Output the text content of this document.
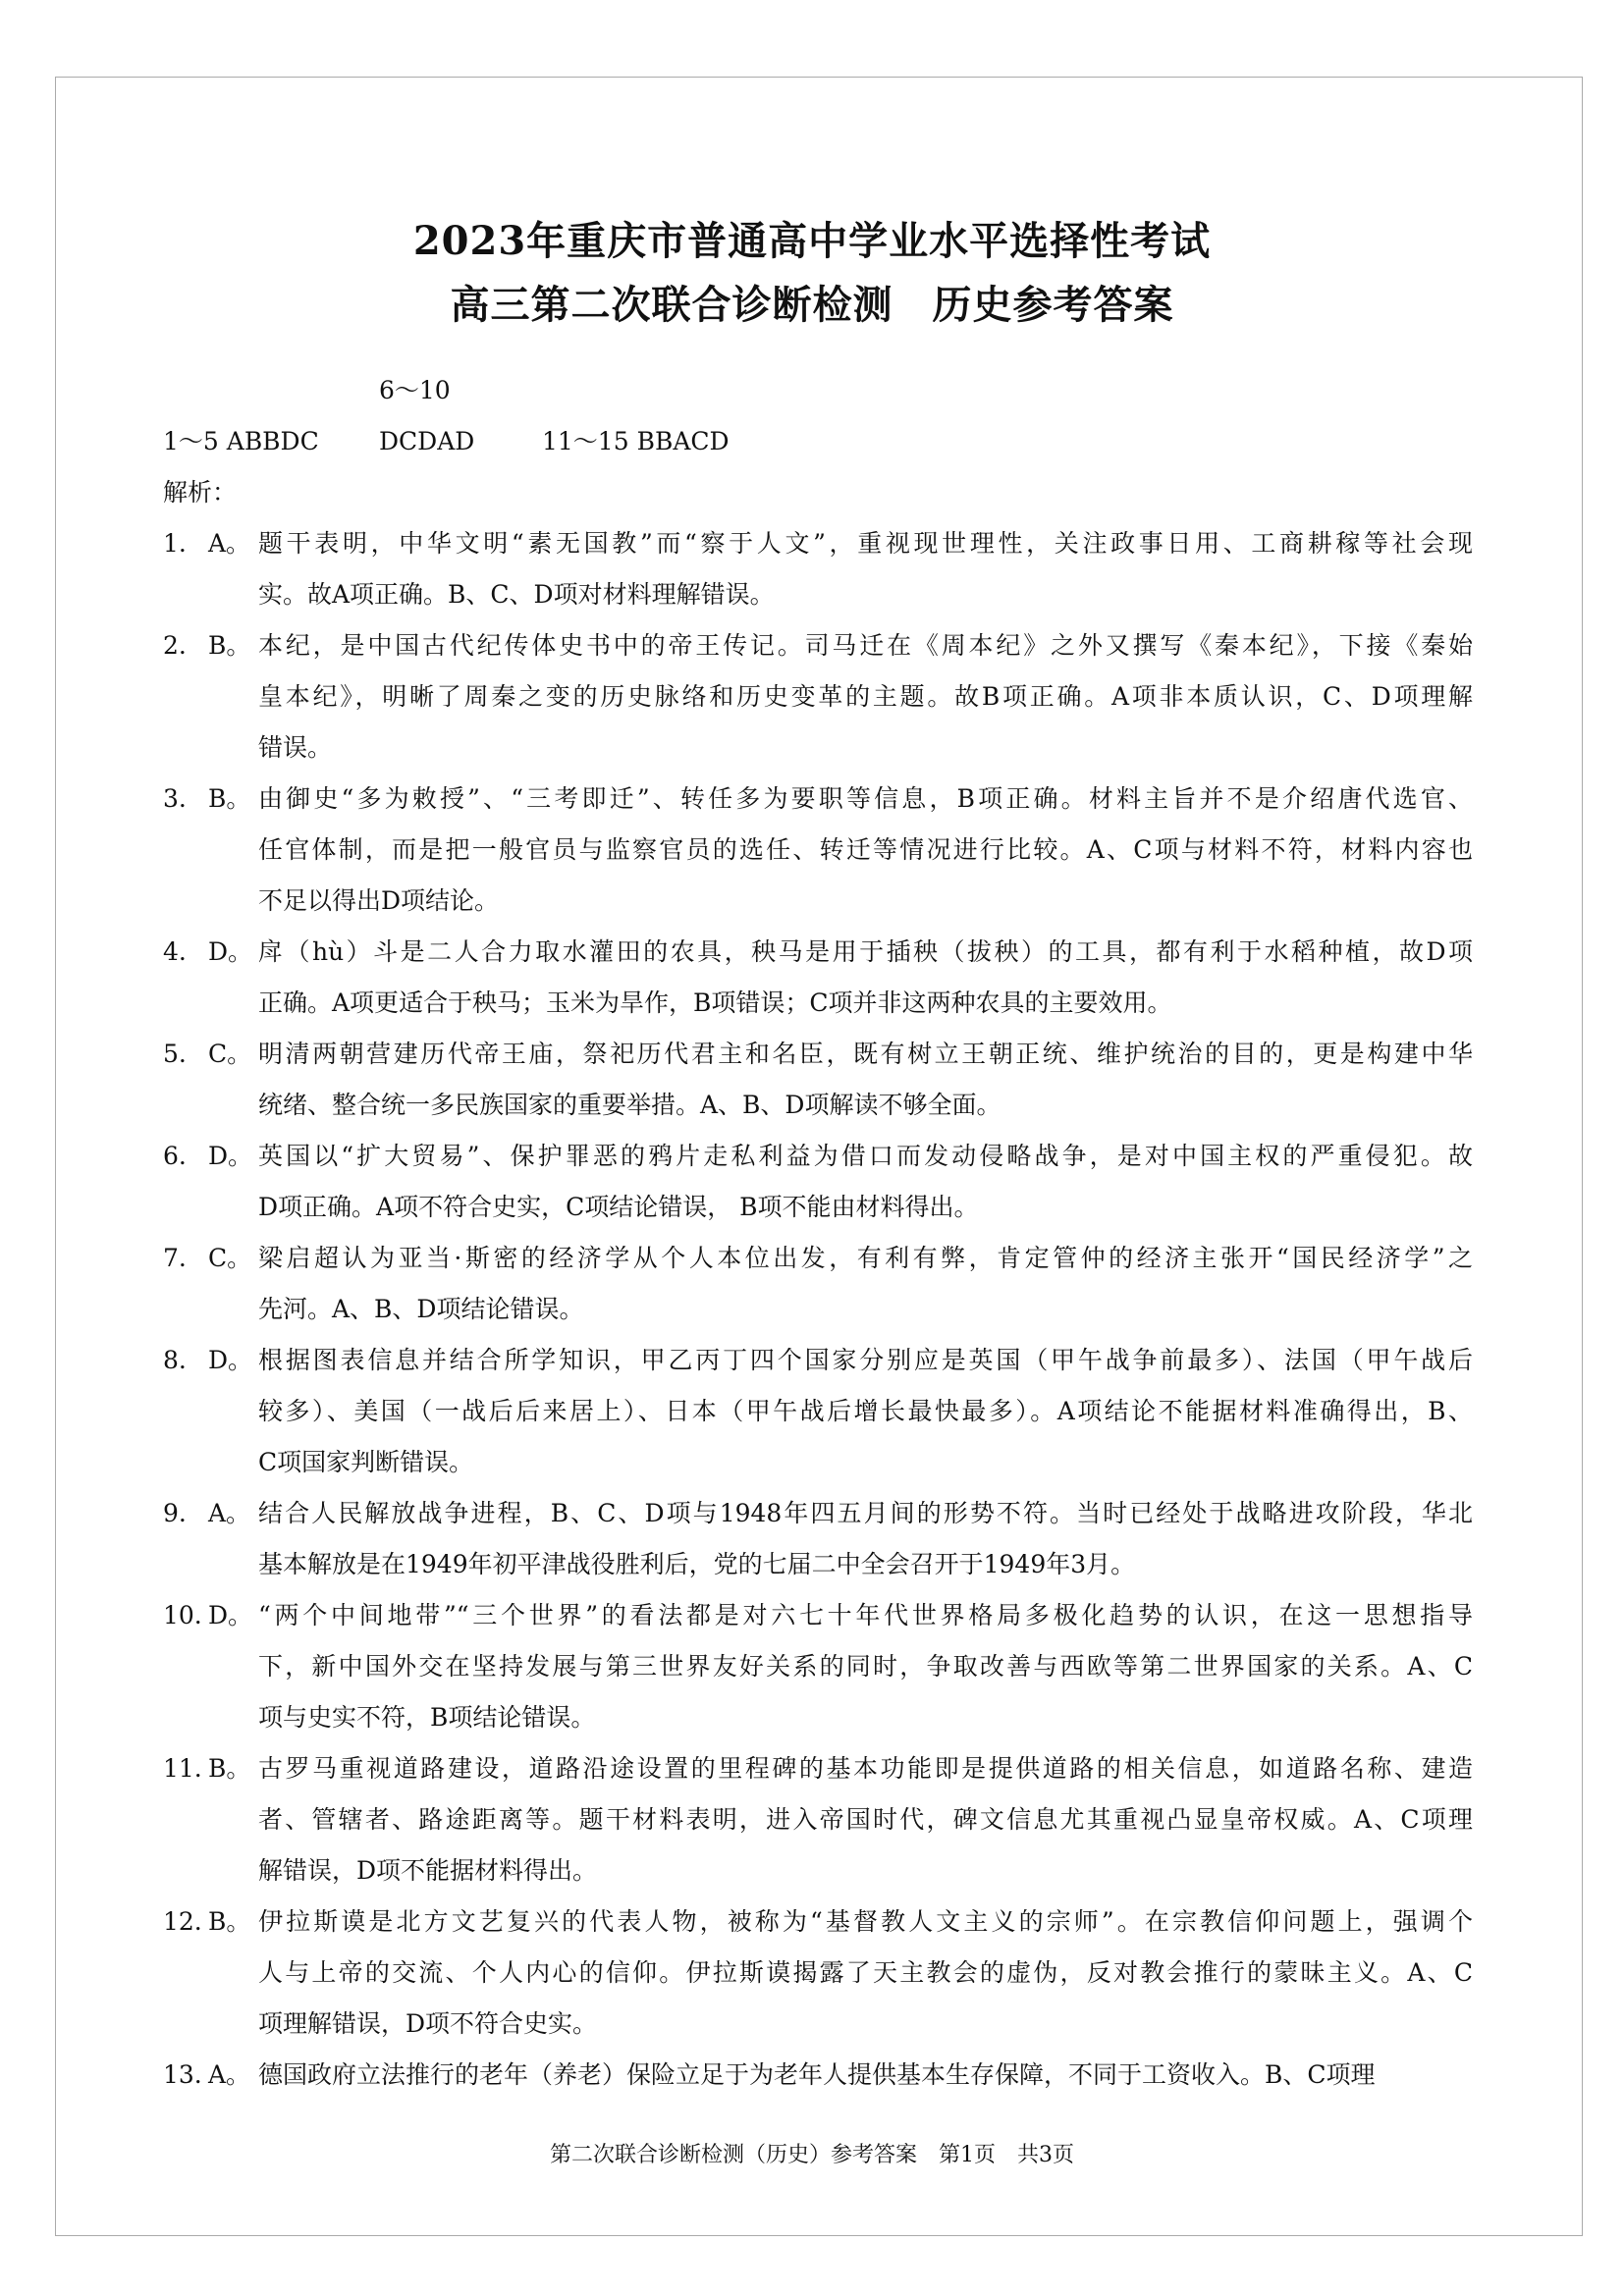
2023年重庆市普通高中学业水平选择性考试
高三第二次联合诊断检测 历史参考答案
1～5 ABBDC6～10 DCDAD	11～15 BBACD
解析：
1. A。 题干表明，中华文明“素无国教”而“察于人文”，重视现世理性，关注政事日用、工商耕稼等社会现
实。故A项正确。B、C、D项对材料理解错误。
2. B。 本纪，是中国古代纪传体史书中的帝王传记。司马迁在《周本纪》之外又撰写《秦本纪》，下接《秦始
皇本纪》，明晰了周秦之变的历史脉络和历史变革的主题。故B项正确。A项非本质认识，C、D项理解
错误。
3. B。 由御史“多为敕授”、“三考即迁”、转任多为要职等信息，B项正确。材料主旨并不是介绍唐代选官、
任官体制，而是把一般官员与监察官员的选任、转迁等情况进行比较。A、C项与材料不符，材料内容也
不足以得出D项结论。
4. D。 戽（hù）斗是二人合力取水灌田的农具，秧马是用于插秧（拔秧）的工具，都有利于水稻种植，故D项
正确。A项更适合于秧马；玉米为旱作，B项错误；C项并非这两种农具的主要效用。
5. C。 明清两朝营建历代帝王庙，祭祀历代君主和名臣，既有树立王朝正统、维护统治的目的，更是构建中华
统绪、整合统一多民族国家的重要举措。A、B、D项解读不够全面。
6. D。 英国以“扩大贸易”、保护罪恶的鸦片走私利益为借口而发动侵略战争，是对中国主权的严重侵犯。故
D项正确。A项不符合史实，C项结论错误， B项不能由材料得出。
7. C。 梁启超认为亚当·斯密的经济学从个人本位出发，有利有弊，肯定管仲的经济主张开“国民经济学”之
先河。A、B、D项结论错误。
8. D。 根据图表信息并结合所学知识，甲乙丙丁四个国家分别应是英国（甲午战争前最多）、法国（甲午战后
较多）、美国（一战后后来居上）、日本（甲午战后增长最快最多）。A项结论不能据材料准确得出，B、
C项国家判断错误。
9. A。 结合人民解放战争进程，B、C、D项与1948年四五月间的形势不符。当时已经处于战略进攻阶段，华北
基本解放是在1949年初平津战役胜利后，党的七届二中全会召开于1949年3月。
10. D。 “两个中间地带”“三个世界”的看法都是对六七十年代世界格局多极化趋势的认识，在这一思想指导
下，新中国外交在坚持发展与第三世界友好关系的同时，争取改善与西欧等第二世界国家的关系。A、C
项与史实不符，B项结论错误。
11. B。 古罗马重视道路建设，道路沿途设置的里程碑的基本功能即是提供道路的相关信息，如道路名称、建造
者、管辖者、路途距离等。题干材料表明，进入帝国时代，碑文信息尤其重视凸显皇帝权威。A、C项理
解错误，D项不能据材料得出。
12. B。 伊拉斯谟是北方文艺复兴的代表人物，被称为“基督教人文主义的宗师”。在宗教信仰问题上，强调个
人与上帝的交流、个人内心的信仰。伊拉斯谟揭露了天主教会的虚伪，反对教会推行的蒙昧主义。A、C
项理解错误，D项不符合史实。
13. A。 德国政府立法推行的老年（养老）保险立足于为老年人提供基本生存保障，不同于工资收入。B、C项理
第二次联合诊断检测（历史）参考答案　第1页　共3页
